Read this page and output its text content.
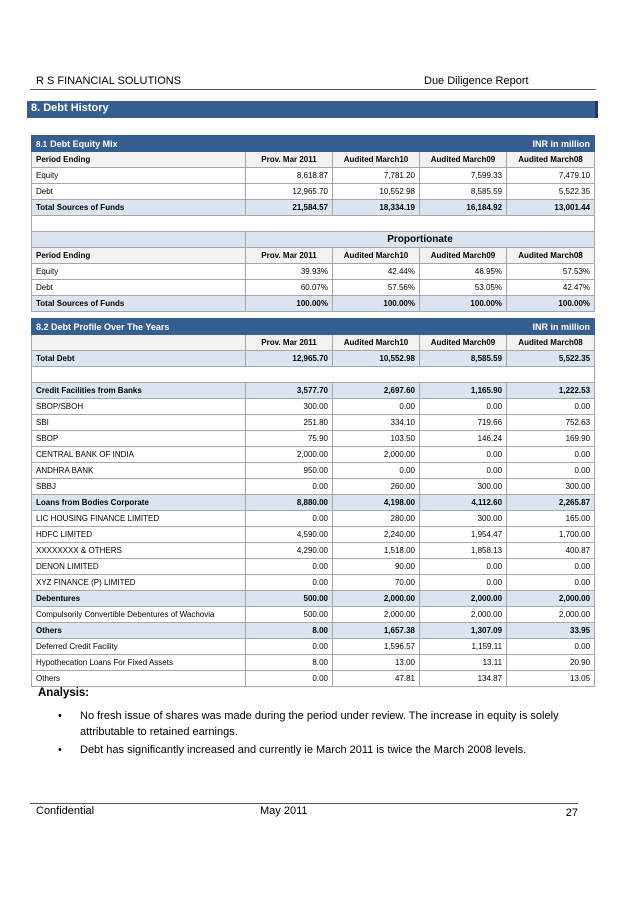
R S FINANCIAL SOLUTIONS	Due Diligence Report
8. Debt History
8.1 Debt Equity Mix				INR in million
Period Ending	Prov. Mar 2011	Audited March10	Audited March09	Audited March08
Equity	8,618.87	7,781.20	7,599.33	7,479.10
Debt	12,965.70	10,552.98	8,585.59	5,522.35
Total Sources of Funds	21,584.57	18,334.19	16,184.92	13,001.44

	Proportionate			
Period Ending	Prov. Mar 2011	Audited March10	Audited March09	Audited March08
Equity	39.93%	42.44%	46.95%	57.53%
Debt	60.07%	57.56%	53.05%	42.47%
Total Sources of Funds	100.00%	100.00%	100.00%	100.00%
8.2 Debt Profile Over The Years				INR in million
	Prov. Mar 2011	Audited March10	Audited March09	Audited March08
Total Debt	12,965.70	10,552.98	8,585.59	5,522.35

Credit Facilities from Banks	3,577.70	2,697.60	1,165.90	1,222.53
SBOP/SBOH	300.00	0.00	0.00	0.00
SBI	251.80	334.10	719.66	752.63
SBOP	75.90	103.50	146.24	169.90
CENTRAL BANK OF INDIA	2,000.00	2,000.00	0.00	0.00
ANDHRA BANK	950.00	0.00	0.00	0.00
SBBJ	0.00	260.00	300.00	300.00
Loans from Bodies Corporate	8,880.00	4,198.00	4,112.60	2,265.87
LIC HOUSING FINANCE LIMITED	0.00	280.00	300.00	165.00
HDFC LIMITED	4,590.00	2,240.00	1,954.47	1,700.00
XXXXXXXX & OTHERS	4,290.00	1,518.00	1,858.13	400.87
DENON LIMITED	0.00	90.00	0.00	0.00
XYZ FINANCE (P) LIMITED	0.00	70.00	0.00	0.00
Debentures	500.00	2,000.00	2,000.00	2,000.00
Compulsorily Convertible Debentures of Wachovia	500.00	2,000.00	2,000.00	2,000.00
Others	8.00	1,657.38	1,307.09	33.95
Deferred Credit Facility	0.00	1,596.57	1,159.11	0.00
Hypothecation Loans For Fixed Assets	8.00	13.00	13.11	20.90
Others	0.00	47.81	134.87	13.05
Analysis:
• No fresh issue of shares was made during the period under review. The increase in equity is solely attributable to retained earnings.
• Debt has significantly increased and currently ie March 2011 is twice the March 2008 levels.
Confidential	May 2011	27
